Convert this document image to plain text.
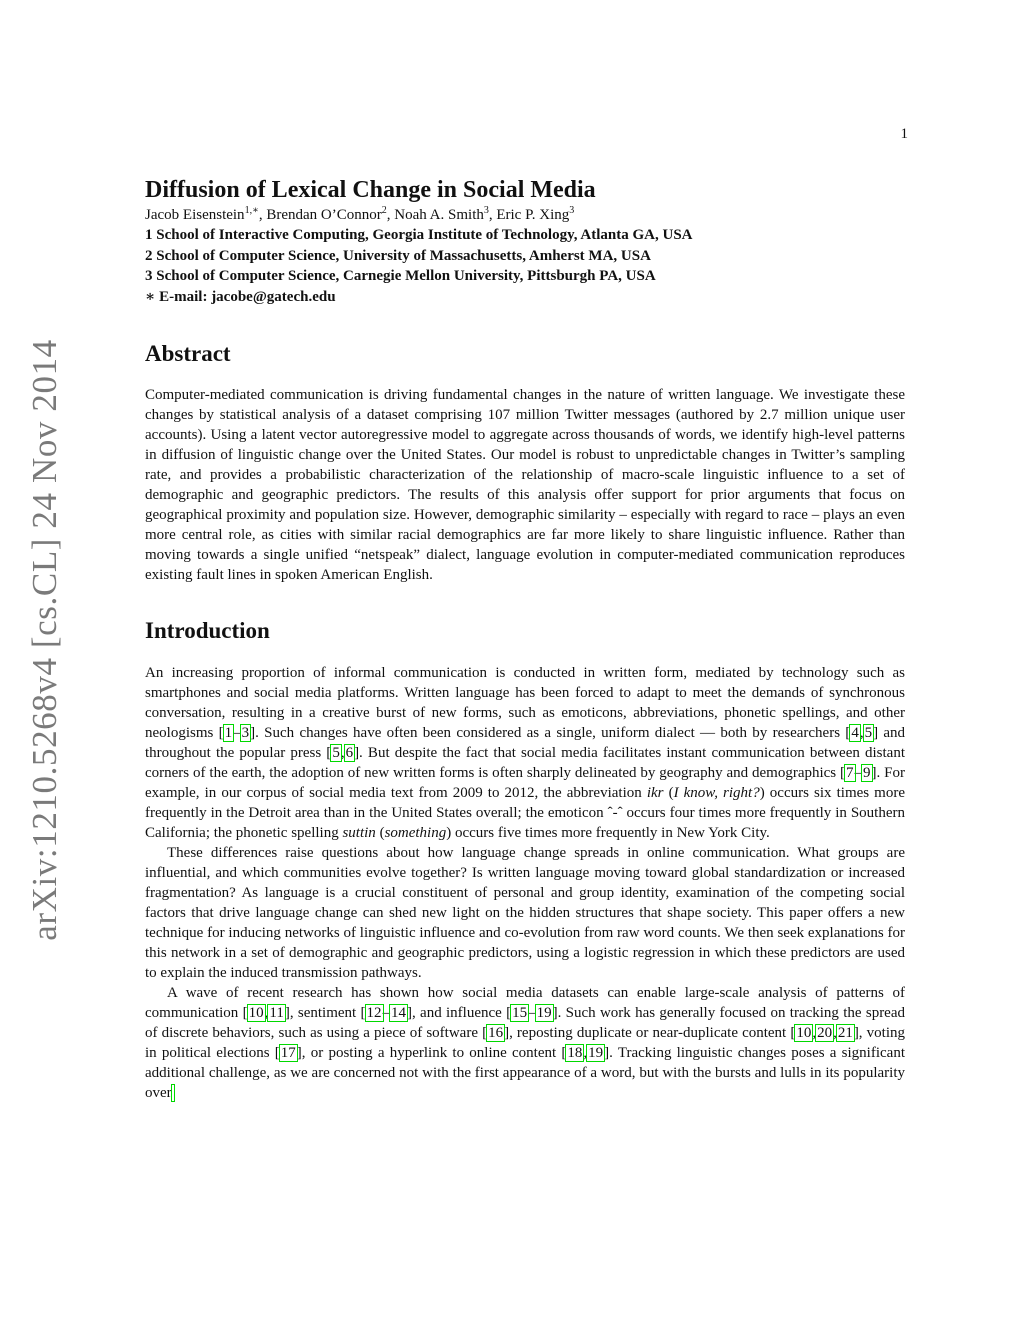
1
arXiv:1210.5268v4 [cs.CL] 24 Nov 2014
Diffusion of Lexical Change in Social Media
Jacob Eisenstein$^{1,∗}$, Brendan O’Connor$^2$, Noah A. Smith$^3$, Eric P. Xing$^3$
1 School of Interactive Computing, Georgia Institute of Technology, Atlanta GA, USA
2 School of Computer Science, University of Massachusetts, Amherst MA, USA
3 School of Computer Science, Carnegie Mellon University, Pittsburgh PA, USA
∗ E-mail: jacobe@gatech.edu
Abstract

Computer-mediated communication is driving fundamental changes in the nature of written language. We investigate these changes by statistical analysis of a dataset comprising 107 million Twitter messages (authored by 2.7 million unique user accounts). Using a latent vector autoregressive model to aggregate across thousands of words, we identify high-level patterns in diffusion of linguistic change over the United States. Our model is robust to unpredictable changes in Twitter’s sampling rate, and provides a probabilistic characterization of the relationship of macro-scale linguistic influence to a set of demographic and geographic predictors. The results of this analysis offer support for prior arguments that focus on geographical proximity and population size. However, demographic similarity – especially with regard to race – plays an even more central role, as cities with similar racial demographics are far more likely to share linguistic influence. Rather than moving towards a single unified “netspeak” dialect, language evolution in computer-mediated communication reproduces existing fault lines in spoken American English.

Introduction

An increasing proportion of informal communication is conducted in written form, mediated by technology such as smartphones and social media platforms. Written language has been forced to adapt to meet the demands of synchronous conversation, resulting in a creative burst of new forms, such as emoticons, abbreviations, phonetic spellings, and other neologisms [1–3]. Such changes have often been considered as a single, uniform dialect — both by researchers [4,5] and throughout the popular press [5,6]. But despite the fact that social media facilitates instant communication between distant corners of the earth, the adoption of new written forms is often sharply delineated by geography and demographics [7–9]. For example, in our corpus of social media text from 2009 to 2012, the abbreviation ikr (I know, right?) occurs six times more frequently in the Detroit area than in the United States overall; the emoticon ˆ-ˆ occurs four times more frequently in Southern California; the phonetic spelling suttin (something) occurs five times more frequently in New York City.

These differences raise questions about how language change spreads in online communication. What groups are influential, and which communities evolve together? Is written language moving toward global standardization or increased fragmentation? As language is a crucial constituent of personal and group identity, examination of the competing social factors that drive language change can shed new light on the hidden structures that shape society. This paper offers a new technique for inducing networks of linguistic influence and co-evolution from raw word counts. We then seek explanations for this network in a set of demographic and geographic predictors, using a logistic regression in which these predictors are used to explain the induced transmission pathways.

A wave of recent research has shown how social media datasets can enable large-scale analysis of patterns of communication [10,11], sentiment [12–14], and influence [15–19]. Such work has generally focused on tracking the spread of discrete behaviors, such as using a piece of software [16], reposting duplicate or near-duplicate content [10,20,21], voting in political elections [17], or posting a hyperlink to online content [18,19]. Tracking linguistic changes poses a significant additional challenge, as we are concerned not with the first appearance of a word, but with the bursts and lulls in its popularity over
